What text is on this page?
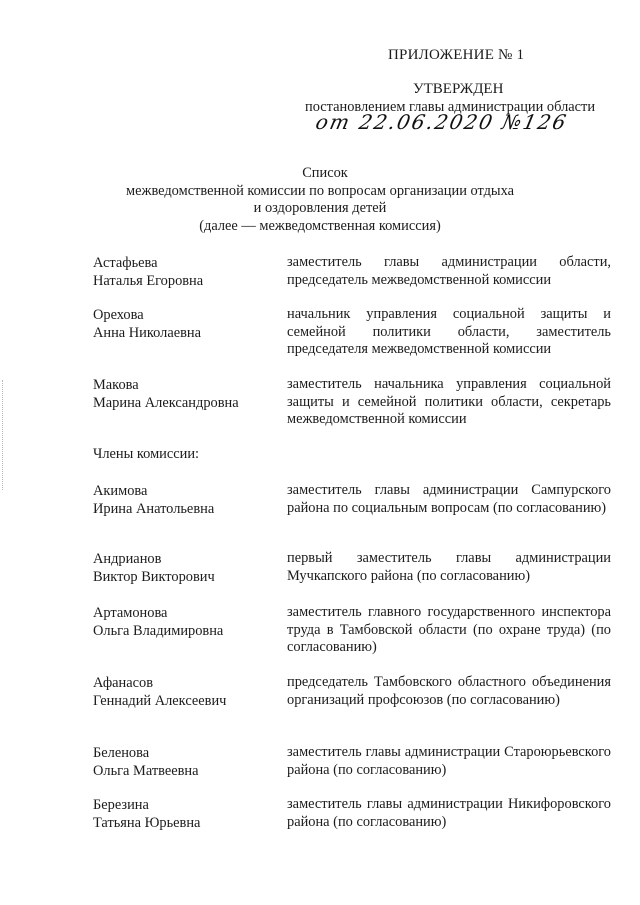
ПРИЛОЖЕНИЕ № 1
УТВЕРЖДЕН
постановлением главы администрации области
от 22.06.2020 №126
Список
межведомственной комиссии по вопросам организации отдыха
и оздоровления детей
(далее — межведомственная комиссия)
Астафьева
Наталья Егоровна
заместитель главы администрации области, председатель межведомственной комиссии
Орехова
Анна Николаевна
начальник управления социальной защиты и семейной политики области, заместитель председателя межведомственной комиссии
Макова
Марина Александровна
заместитель начальника управления социальной защиты и семейной политики области, секретарь межведомственной комиссии
Члены комиссии:
Акимова
Ирина Анатольевна
заместитель главы администрации Сампурского района по социальным вопросам (по согласованию)
Андрианов
Виктор Викторович
первый заместитель главы администрации Мучкапского района (по согласованию)
Артамонова
Ольга Владимировна
заместитель главного государственного инспектора труда в Тамбовской области (по охране труда) (по согласованию)
Афанасов
Геннадий Алексеевич
председатель Тамбовского областного объединения организаций профсоюзов (по согласованию)
Беленова
Ольга Матвеевна
заместитель главы администрации Староюрьевского района (по согласованию)
Березина
Татьяна Юрьевна
заместитель главы администрации Никифоровского района (по согласованию)
